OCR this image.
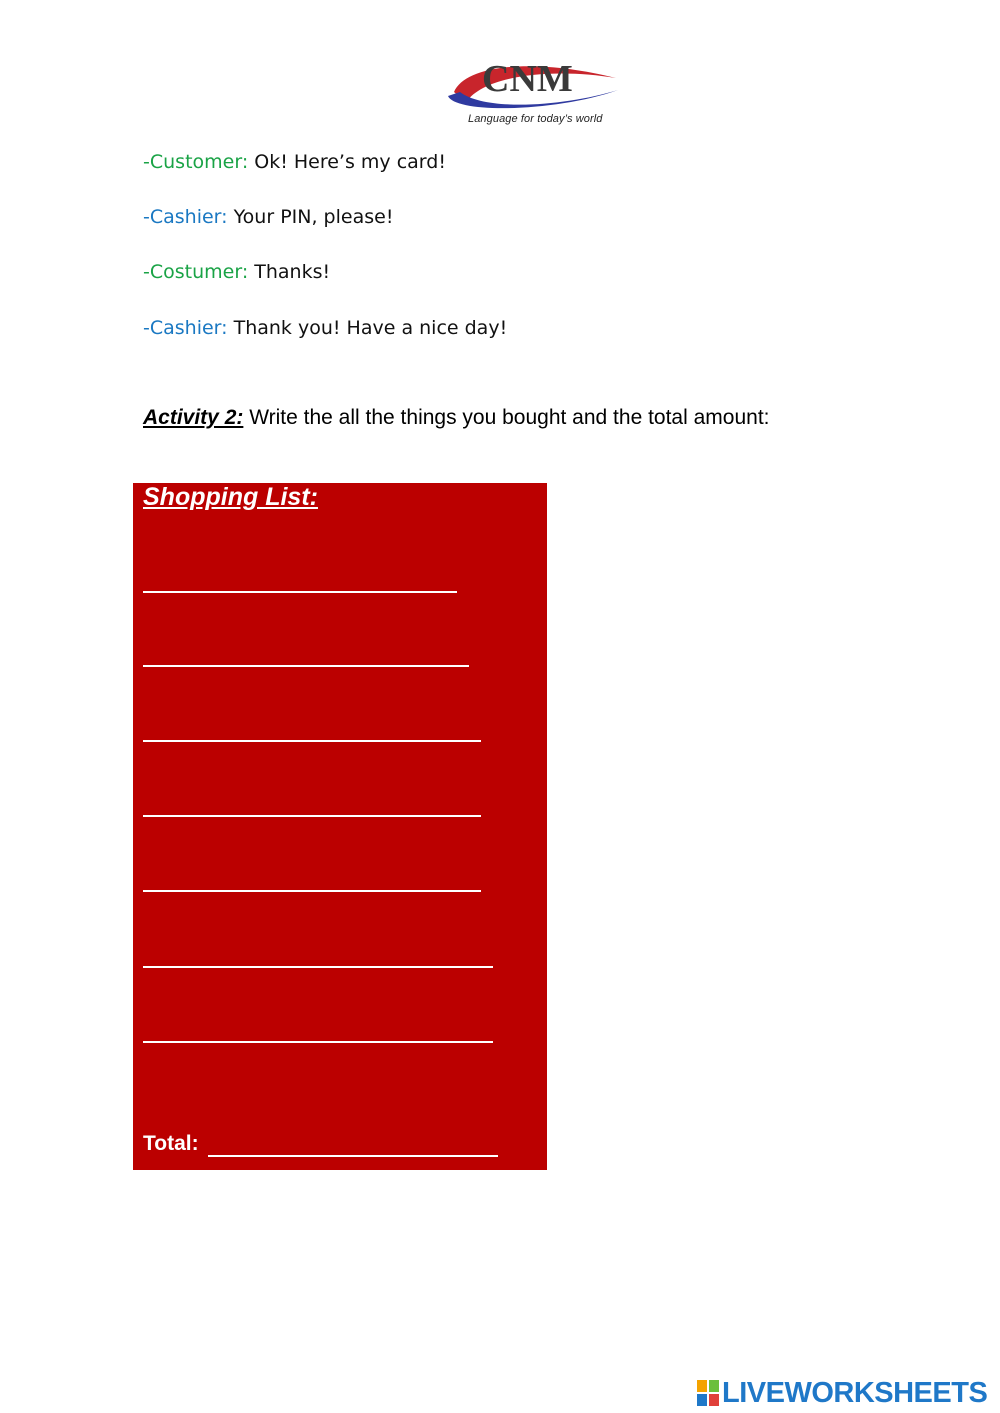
CNM
Language for today’s world
-Customer: Ok! Here’s my card!
-Cashier: Your PIN, please!
-Costumer: Thanks!
-Cashier: Thank you! Have a nice day!
Activity 2: Write the all the things you bought and the total amount:
Shopping List:
Total:
LIVEWORKSHEETS
